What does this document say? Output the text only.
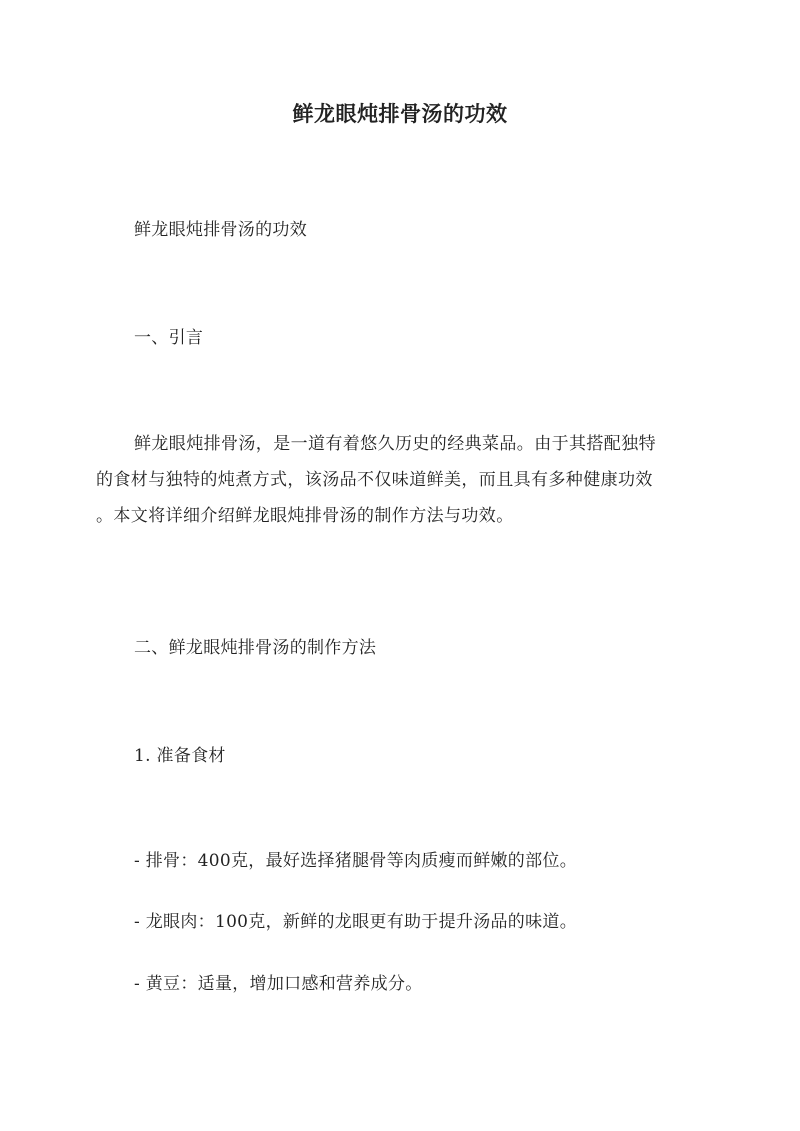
鲜龙眼炖排骨汤的功效
鲜龙眼炖排骨汤的功效
一、引言
鲜龙眼炖排骨汤，是一道有着悠久历史的经典菜品。由于其搭配独特
的食材与独特的炖煮方式，该汤品不仅味道鲜美，而且具有多种健康功效
。本文将详细介绍鲜龙眼炖排骨汤的制作方法与功效。
二、鲜龙眼炖排骨汤的制作方法
1. 准备食材
- 排骨：400克，最好选择猪腿骨等肉质瘦而鲜嫩的部位。
- 龙眼肉：100克，新鲜的龙眼更有助于提升汤品的味道。
- 黄豆：适量，增加口感和营养成分。
